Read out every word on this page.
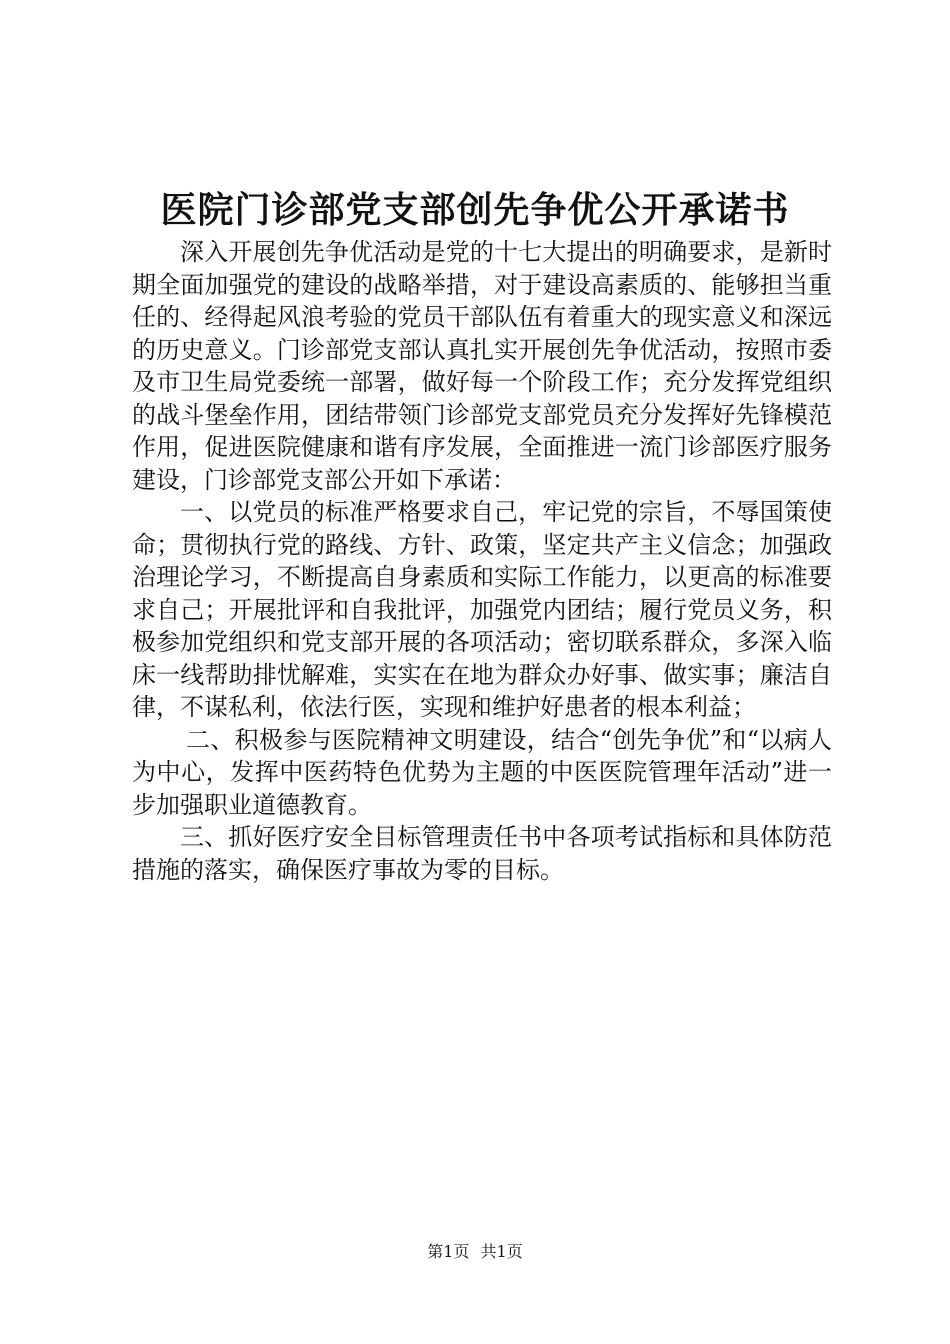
医院门诊部党支部创先争优公开承诺书

深入开展创先争优活动是党的十七大提出的明确要求，是新时期全面加强党的建设的战略举措，对于建设高素质的、能够担当重任的、经得起风浪考验的党员干部队伍有着重大的现实意义和深远的历史意义。门诊部党支部认真扎实开展创先争优活动，按照市委及市卫生局党委统一部署，做好每一个阶段工作；充分发挥党组织的战斗堡垒作用，团结带领门诊部党支部党员充分发挥好先锋模范作用，促进医院健康和谐有序发展，全面推进一流门诊部医疗服务建设，门诊部党支部公开如下承诺：

一、以党员的标准严格要求自己，牢记党的宗旨，不辱国策使命；贯彻执行党的路线、方针、政策，坚定共产主义信念；加强政治理论学习，不断提高自身素质和实际工作能力，以更高的标准要求自己；开展批评和自我批评，加强党内团结；履行党员义务，积极参加党组织和党支部开展的各项活动；密切联系群众，多深入临床一线帮助排忧解难，实实在在地为群众办好事、做实事；廉洁自律，不谋私利，依法行医，实现和维护好患者的根本利益；

二、积极参与医院精神文明建设，结合“创先争优”和“以病人为中心，发挥中医药特色优势为主题的中医医院管理年活动”进一步加强职业道德教育。

三、抓好医疗安全目标管理责任书中各项考试指标和具体防范措施的落实，确保医疗事故为零的目标。

第1页 共1页
